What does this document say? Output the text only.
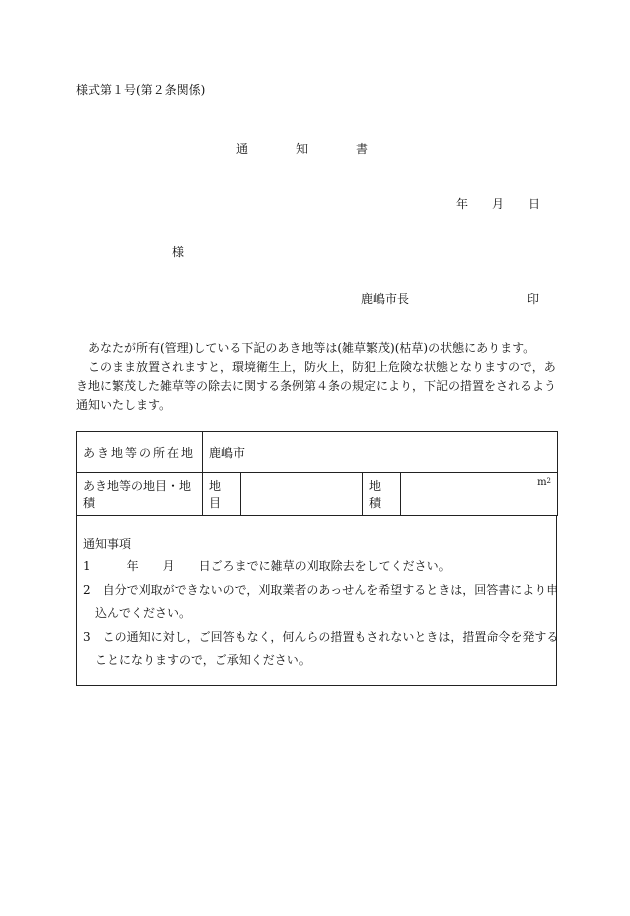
様式第１号(第２条関係)
通　　　　知　　　　書
年　　月　　日
様
鹿嶋市長	印

あなたが所有(管理)している下記のあき地等は(雑草繁茂)(枯草)の状態にあります。

このまま放置されますと，環境衛生上，防火上，防犯上危険な状態となりますので，あ

き地に繁茂した雑草等の除去に関する条例第４条の規定により，下記の措置をされるよう

通知いたします。

あき地等の所在地	鹿嶋市			
あき地等の地目・地積	地 目		地 積	$m^2$
通知事項
1　　　年　　月　　日ごろまでに雑草の刈取除去をしてください。
2　自分で刈取ができないので，刈取業者のあっせんを希望するときは，回答書により申
込んでください。
3　この通知に対し，ご回答もなく，何んらの措置もされないときは，措置命令を発する
ことになりますので，ご承知ください。
